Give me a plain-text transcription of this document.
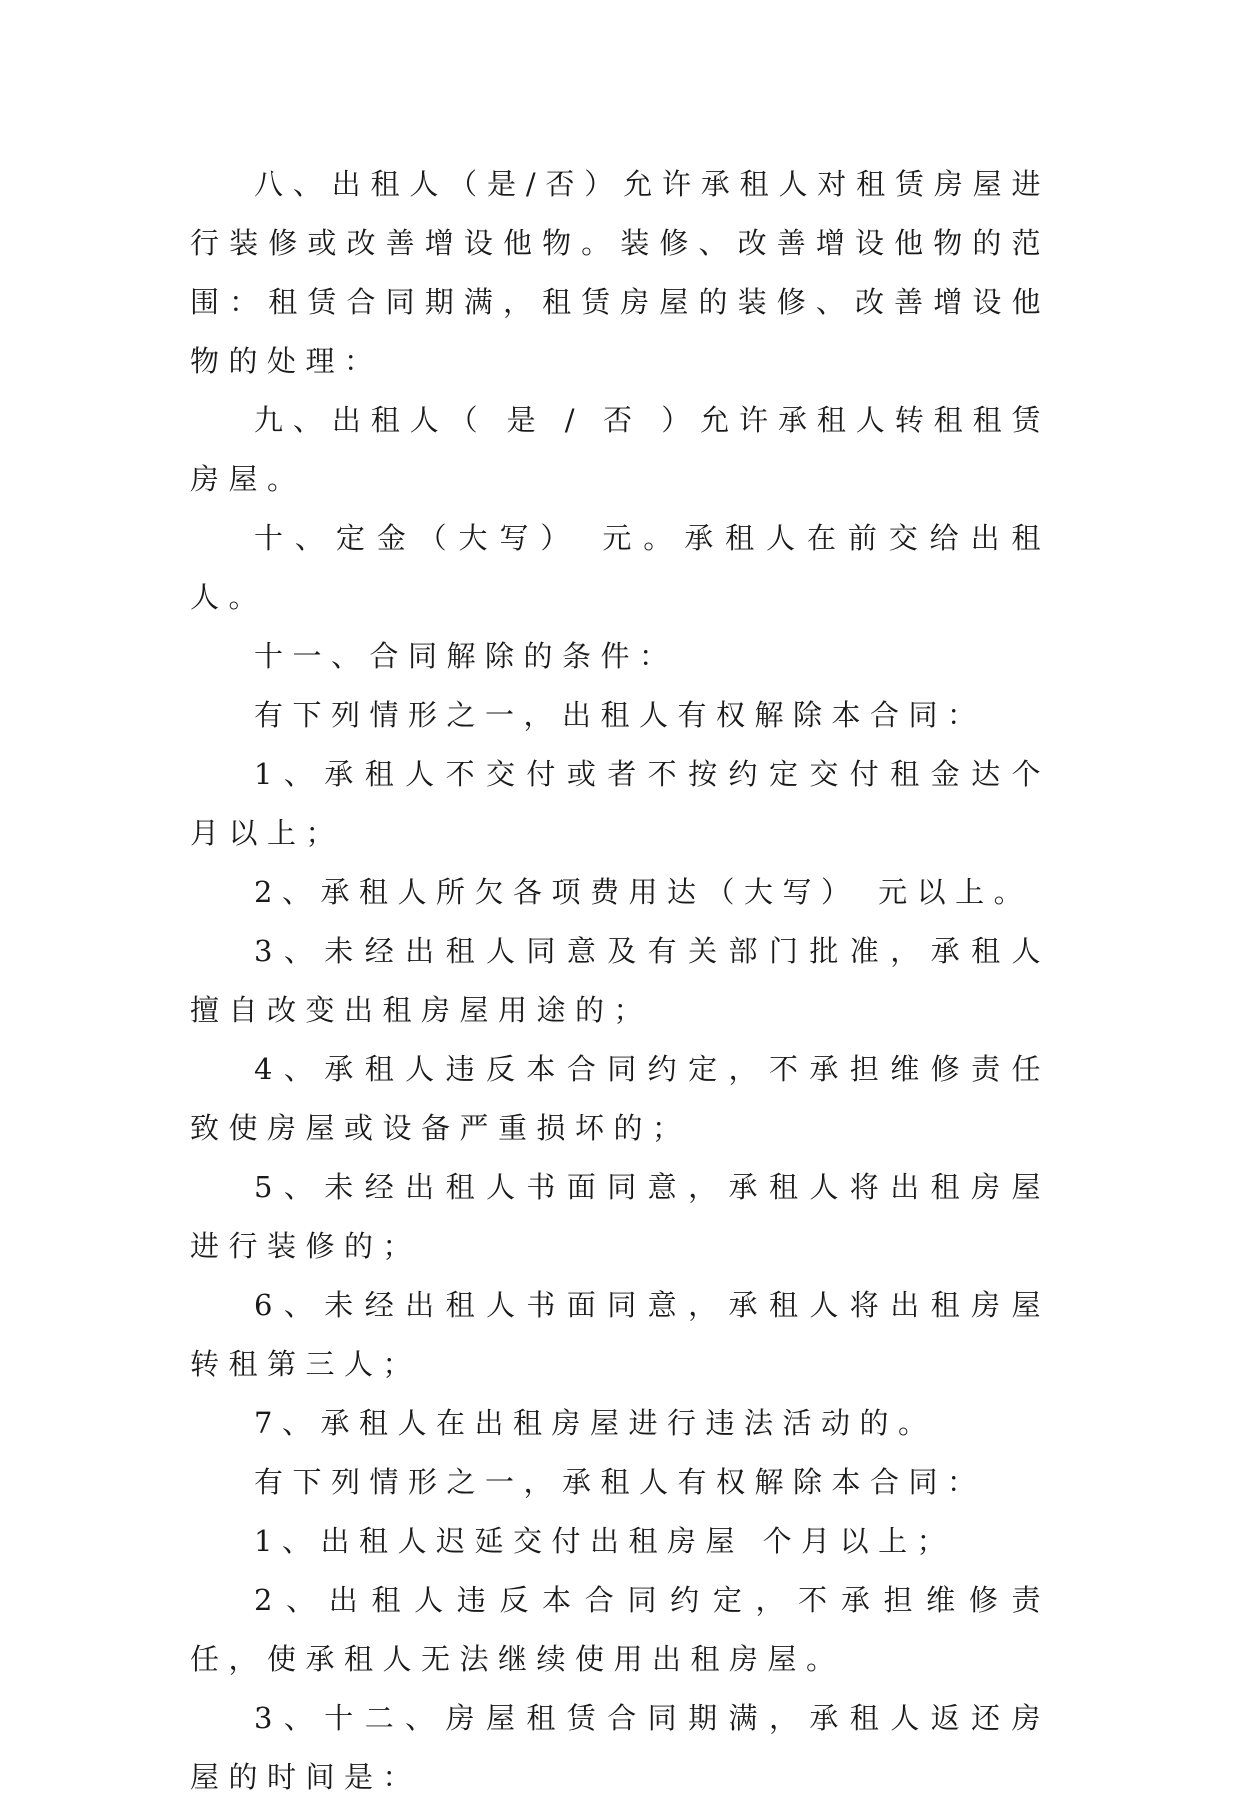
八、出租人（是/否）允许承租人对租赁房屋进行装修或改善增设他物。装修、改善增设他物的范围：租赁合同期满，租赁房屋的装修、改善增设他物的处理：

九、出租人（ 是 / 否 ）允许承租人转租租赁房屋。

十、定金（大写） 元。承租人在前交给出租人。

十一、合同解除的条件：

有下列情形之一，出租人有权解除本合同：

1、承租人不交付或者不按约定交付租金达个月以上；

2、承租人所欠各项费用达（大写） 元以上。

3、未经出租人同意及有关部门批准，承租人擅自改变出租房屋用途的；

4、承租人违反本合同约定，不承担维修责任致使房屋或设备严重损坏的；

5、未经出租人书面同意，承租人将出租房屋进行装修的；

6、未经出租人书面同意，承租人将出租房屋转租第三人；

7、承租人在出租房屋进行违法活动的。

有下列情形之一，承租人有权解除本合同：

1、出租人迟延交付出租房屋 个月以上；

2、出租人违反本合同约定，不承担维修责任，使承租人无法继续使用出租房屋。

3、十二、房屋租赁合同期满，承租人返还房屋的时间是：
